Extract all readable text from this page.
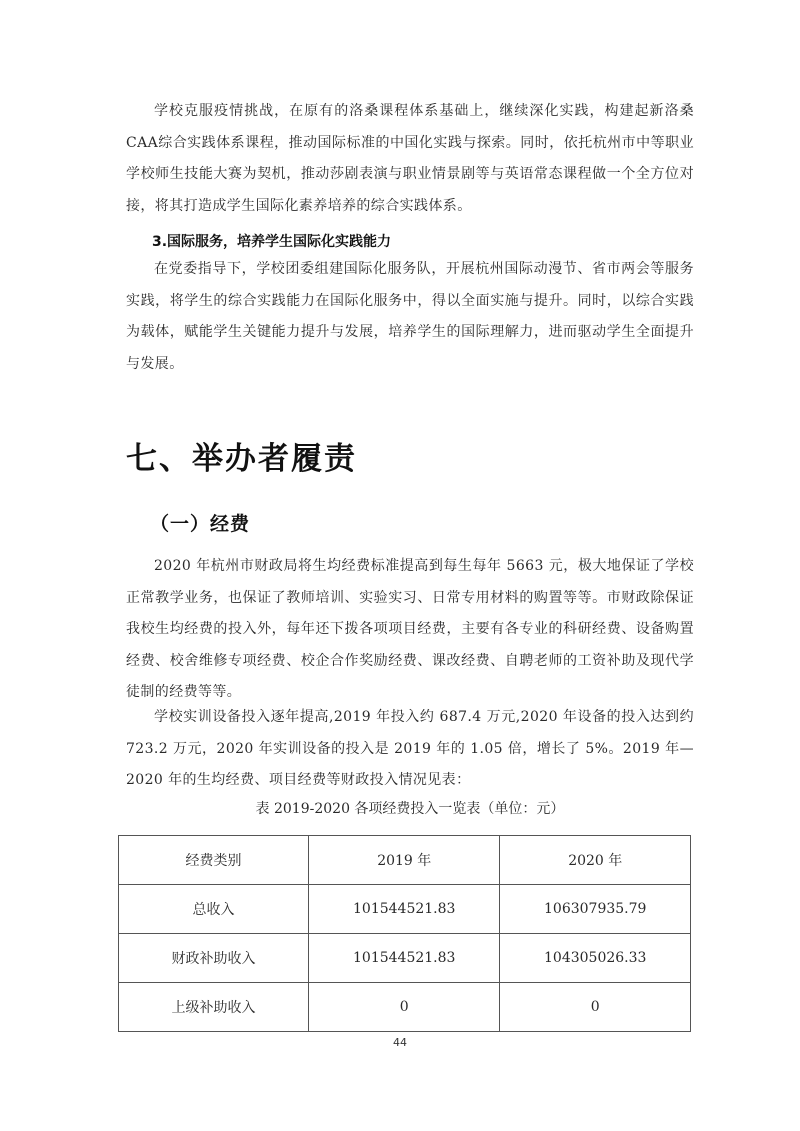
学校克服疫情挑战，在原有的洛桑课程体系基础上，继续深化实践，构建起新洛桑CAA综合实践体系课程，推动国际标准的中国化实践与探索。同时，依托杭州市中等职业学校师生技能大赛为契机，推动莎剧表演与职业情景剧等与英语常态课程做一个全方位对接，将其打造成学生国际化素养培养的综合实践体系。

3.国际服务，培养学生国际化实践能力

在党委指导下，学校团委组建国际化服务队，开展杭州国际动漫节、省市两会等服务实践，将学生的综合实践能力在国际化服务中，得以全面实施与提升。同时，以综合实践为载体，赋能学生关键能力提升与发展，培养学生的国际理解力，进而驱动学生全面提升与发展。

七、举办者履责
（一）经费

2020 年杭州市财政局将生均经费标准提高到每生每年 5663 元，极大地保证了学校正常教学业务，也保证了教师培训、实验实习、日常专用材料的购置等等。市财政除保证我校生均经费的投入外，每年还下拨各项项目经费，主要有各专业的科研经费、设备购置经费、校舍维修专项经费、校企合作奖励经费、课改经费、自聘老师的工资补助及现代学徒制的经费等等。

学校实训设备投入逐年提高,2019 年投入约 687.4 万元,2020 年设备的投入达到约 723.2 万元，2020 年实训设备的投入是 2019 年的 1.05 倍，增长了 5%。2019 年—2020 年的生均经费、项目经费等财政投入情况见表：

表 2019-2020 各项经费投入一览表（单位：元）

经费类别	2019 年	2020 年
总收入	101544521.83	106307935.79
财政补助收入	101544521.83	104305026.33
上级补助收入	0	0

44
